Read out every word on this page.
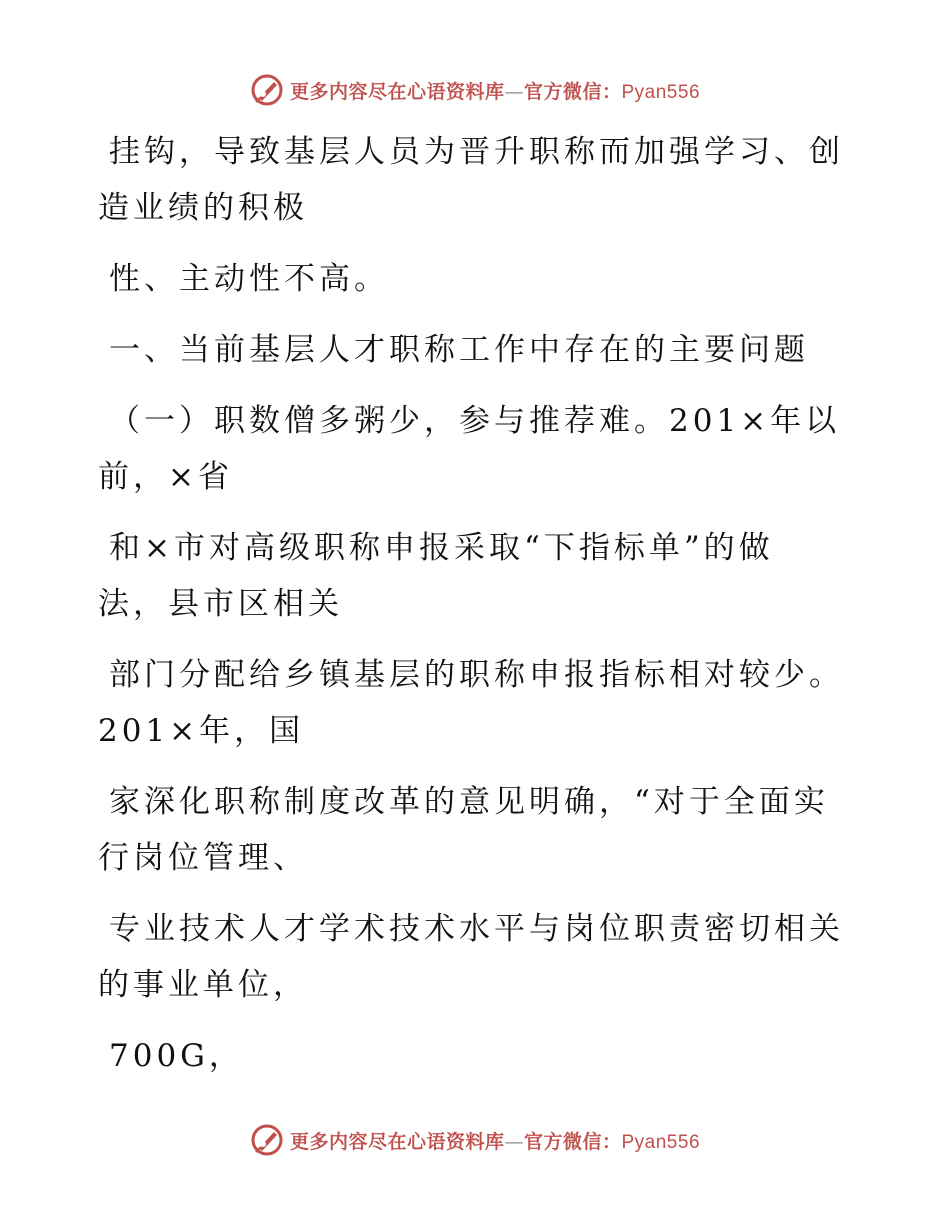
更多内容尽在心语资料库—官方微信：Pyan556
挂钩，导致基层人员为晋升职称而加强学习、创
造业绩的积极
性、主动性不高。
一、当前基层人才职称工作中存在的主要问题
（一）职数僧多粥少，参与推荐难。201×年以
前，×省
和×市对高级职称申报采取“下指标单”的做
法，县市区相关
部门分配给乡镇基层的职称申报指标相对较少。
201×年，国
家深化职称制度改革的意见明确，“对于全面实
行岗位管理、
专业技术人才学术技术水平与岗位职责密切相关
的事业单位，
700G，
更多内容尽在心语资料库—官方微信：Pyan556
